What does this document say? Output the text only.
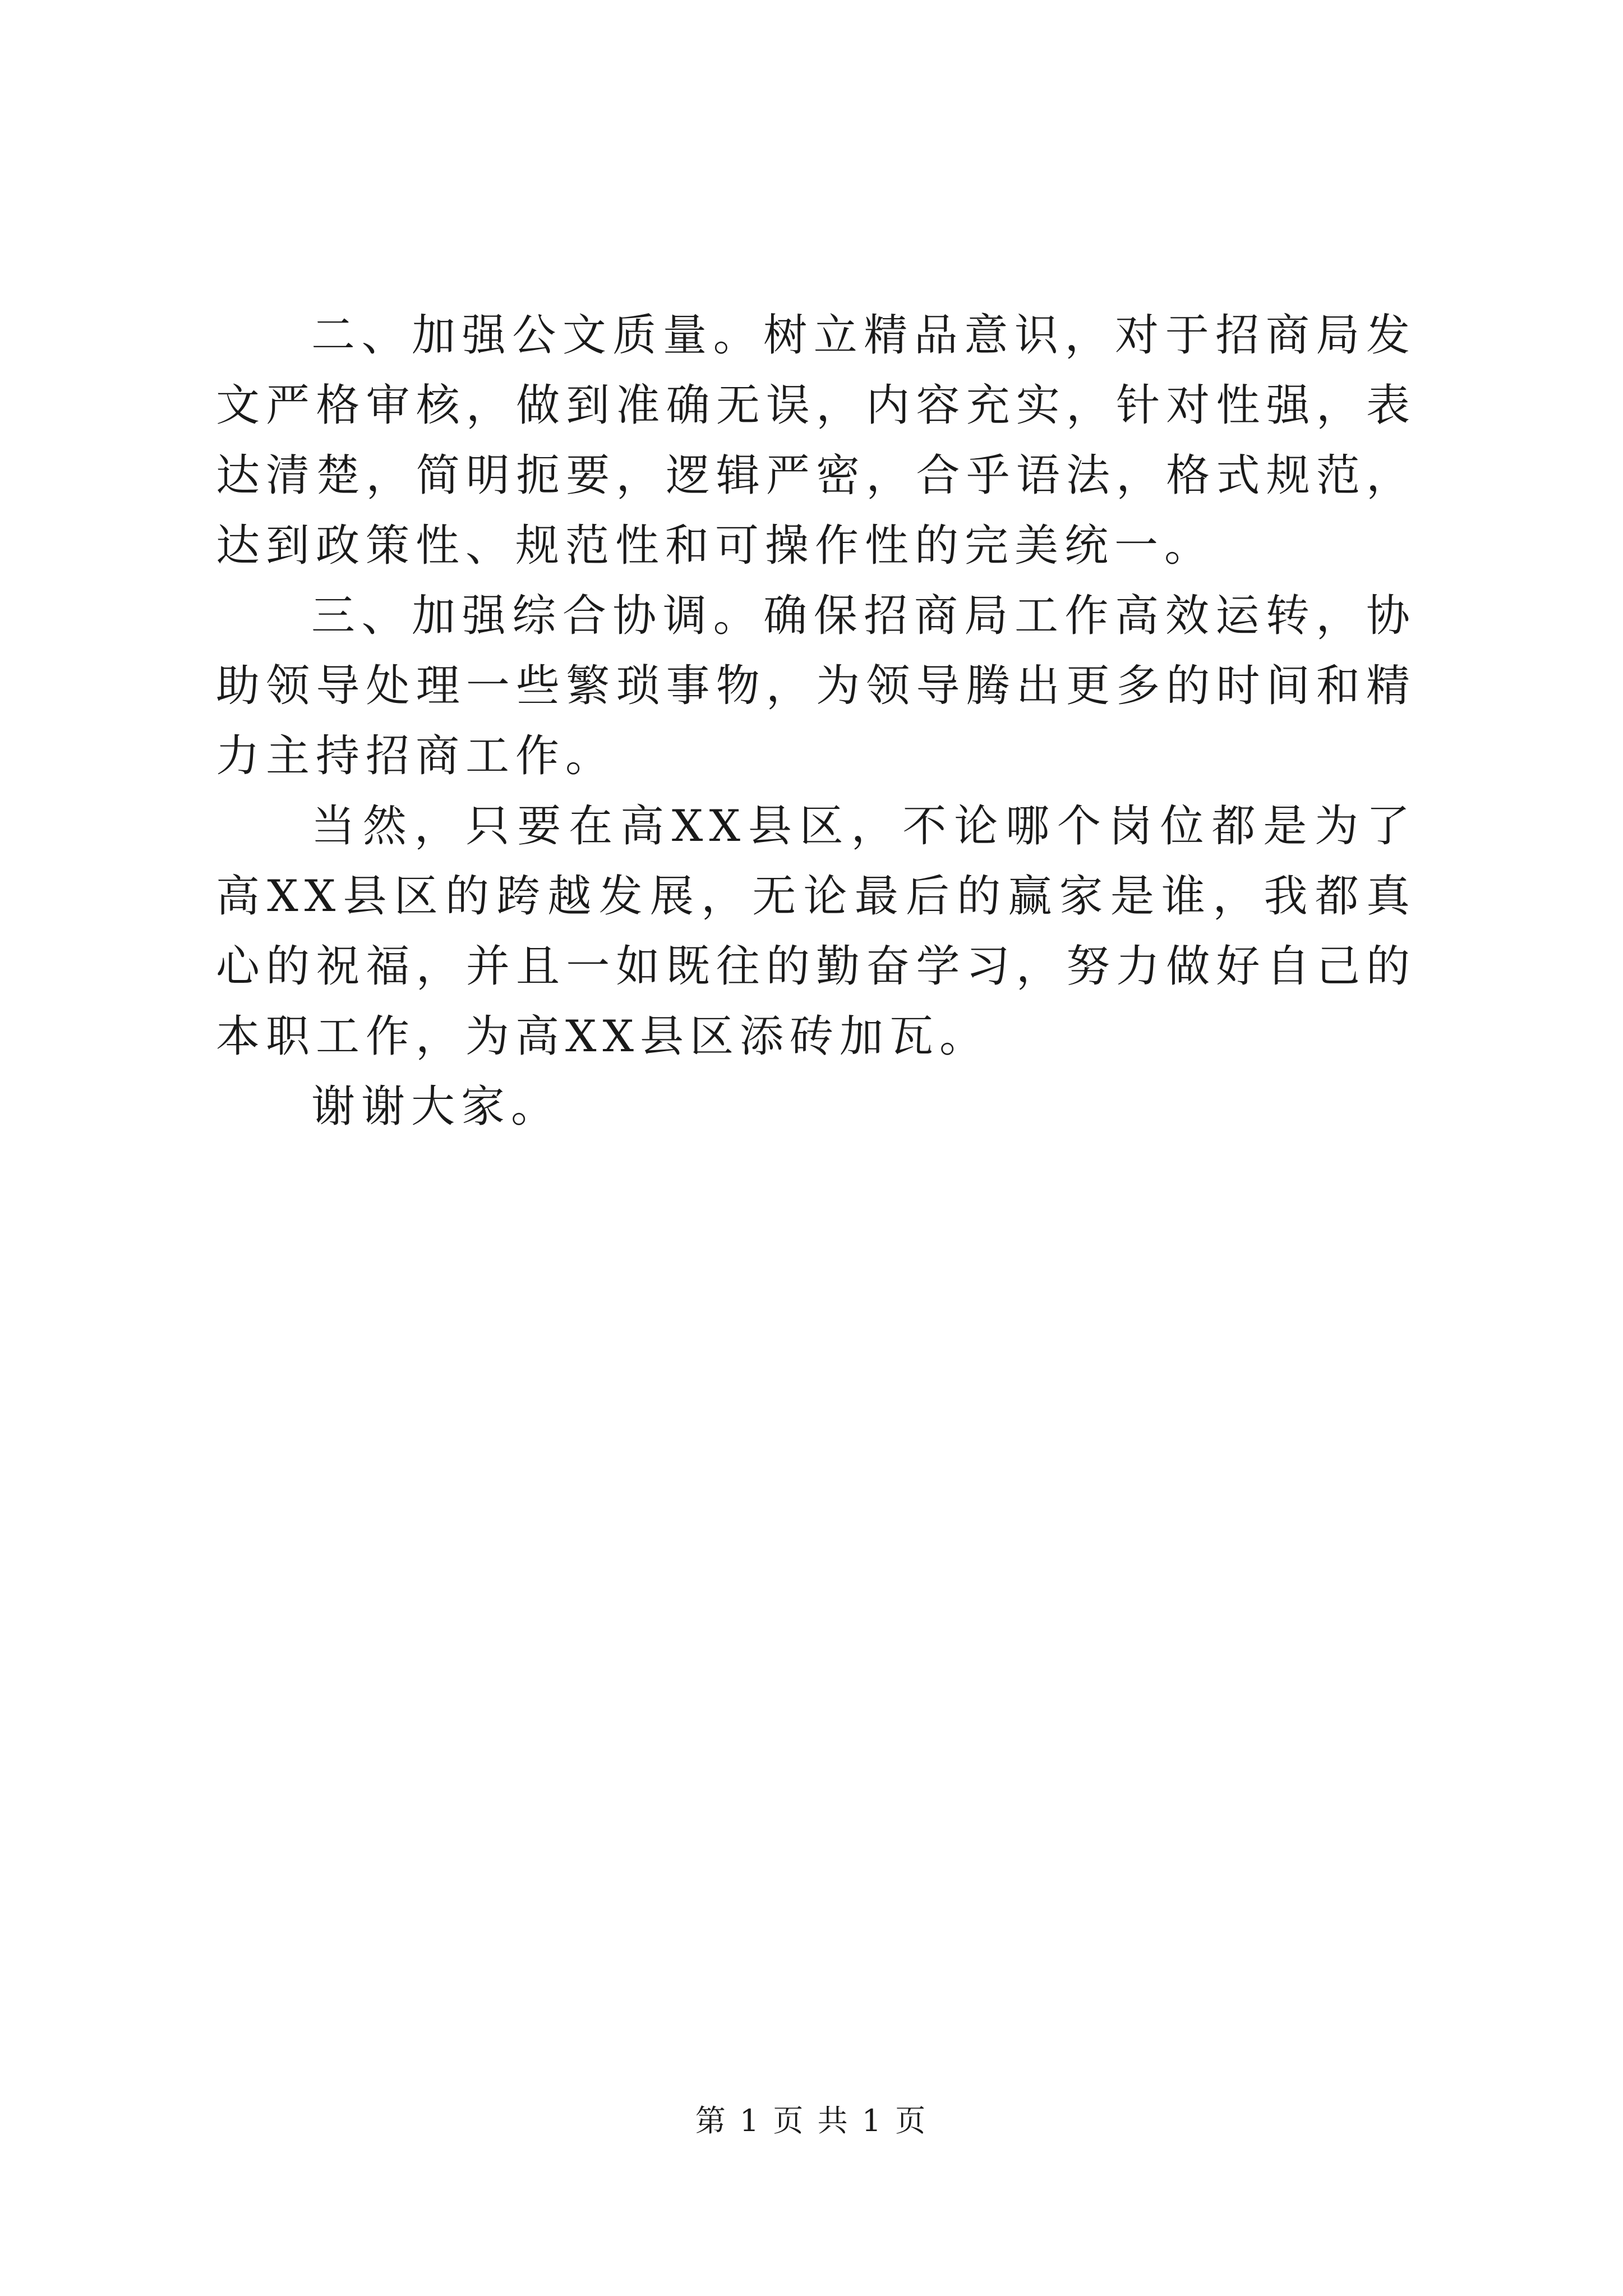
二、加强公文质量。树立精品意识，对于招商局发文严格审核，做到准确无误，内容充实，针对性强，表达清楚，简明扼要，逻辑严密，合乎语法，格式规范，达到政策性、规范性和可操作性的完美统一。

三、加强综合协调。确保招商局工作高效运转，协助领导处理一些繁琐事物，为领导腾出更多的时间和精力主持招商工作。

当然，只要在高XX县区，不论哪个岗位都是为了高XX县区的跨越发展，无论最后的赢家是谁，我都真心的祝福，并且一如既往的勤奋学习，努力做好自己的本职工作，为高XX县区添砖加瓦。

谢谢大家。

第 1 页 共 1 页
